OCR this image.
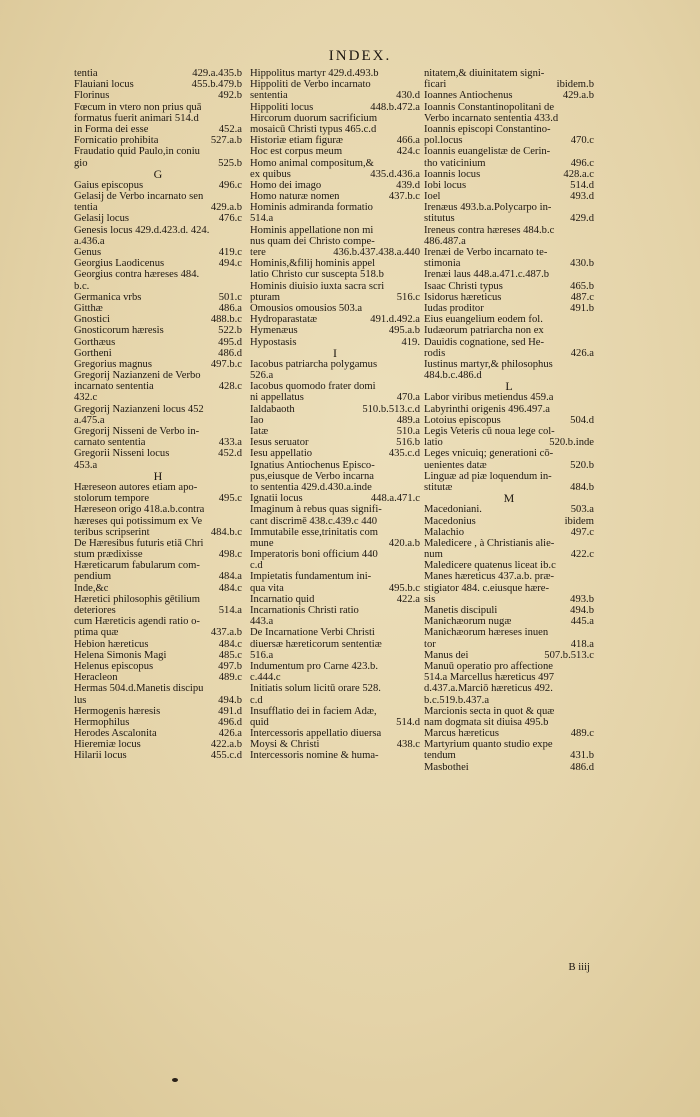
INDEX.
tentia	429.a.435.b
Flauiani locus	455.b.479.b
Florinus	492.b
Fœcum in vtero non prius quā
formatus fuerit animari 514.d
in Forma dei esse	452.a
Fornicatio prohibita	527.a.b
Fraudatio quid Paulo,in coniu
gio	525.b
G
Gaius episcopus	496.c
Gelasij de Verbo incarnato sen
tentia	429.a.b
Gelasij locus	476.c
Genesis locus 429.d.423.d. 424.
a.436.a
Genus	419.c
Georgius Laodicenus	494.c
Georgius contra hæreses 484.
b.c.
Germanica vrbs	501.c
Gitthæ	486.a
Gnostici	488.b.c
Gnosticorum hæresis	522.b
Gorthæus	495.d
Gortheni	486.d
Gregorius magnus	497.b.c
Gregorij Nazianzeni de Verbo
incarnato sententia	428.c
432.c
Gregorij Nazianzeni locus 452
a.475.a
Gregorij Nisseni de Verbo in-
carnato sententia	433.a
Gregorii Nisseni locus	452.d
453.a
H
Hæreseon autores etiam apo-
stolorum tempore	495.c
Hæreseon origo 418.a.b.contra
hæreses qui potissimum ex Ve
teribus scripserint	484.b.c
De Hæresibus futuris etiā Chri
stum prædixisse	498.c
Hæreticarum fabularum com-
pendium	484.a
Inde,&c	484.c
Hæretici philosophis gētilium
deteriores	514.a
cum Hæreticis agendi ratio o-
ptima quæ	437.a.b
Hebion hæreticus	484.c
Helena Simonis Magi	485.c
Helenus episcopus	497.b
Heracleon	489.c
Hermas 504.d.Manetis discipu
lus	494.b
Hermogenis hæresis	491.d
Hermophilus	496.d
Herodes Ascalonita	426.a
Hieremiæ locus	422.a.b
Hilarii locus	455.c.d
Hippolitus martyr 429.d.493.b
Hippoliti de Verbo incarnato
sententia	430.d
Hippoliti locus	448.b.472.a
Hircorum duorum sacrificium
mosaicū Christi typus 465.c.d
Historiæ etiam figuræ	466.a
Hoc est corpus meum	424.c
Homo animal compositum,&
ex quibus	435.d.436.a
Homo dei imago	439.d
Homo naturæ nomen	437.b.c
Hominis admiranda formatio
514.a
Hominis appellatione non mi
nus quam dei Christo compe-
tere	436.b.437.438.a.440
Hominis,&filij hominis appel
latio Christo cur suscepta 518.b
Hominis diuisio iuxta sacra scri
pturam	516.c
Omousios omousios 503.a
Hydroparastatæ	491.d.492.a
Hymenæus	495.a.b
Hypostasis	419.
I
Iacobus patriarcha polygamus
526.a
Iacobus quomodo frater domi
ni appellatus	470.a
Ialdabaoth	510.b.513.c.d
Iao	489.a
Iatæ	510.a
Iesus seruator	516.b
Iesu appellatio	435.c.d
Ignatius Antiochenus Episco-
pus,eiusque de Verbo incarna
to sententia 429.d.430.a.inde
Ignatii locus	448.a.471.c
Imaginum à rebus quas signifi-
cant discrimē 438.c.439.c 440
Immutabile esse,trinitatis com
mune	420.a.b
Imperatoris boni officium 440
c.d
Impietatis fundamentum ini-
qua vita	495.b.c
Incarnatio quid	422.a
Incarnationis Christi ratio
443.a
De Incarnatione Verbi Christi
diuersæ hæreticorum sententiæ
516.a
Indumentum pro Carne 423.b.
c.444.c
Initiatis solum licitū orare 528.
c.d
Insufflatio dei in faciem Adæ,
quid	514.d
Intercessoris appellatio diuersa
Moysi & Christi	438.c
Intercessoris nomine & huma-
nitatem,& diuinitatem signi-
ficari	ibidem.b
Ioannes Antiochenus	429.a.b
Ioannis Constantinopolitani de
Verbo incarnato sententia 433.d
Ioannis episcopi Constantino-
pol.locus	470.c
Ioannis euangelistæ de Cerin-
tho vaticinium	496.c
Ioannis locus	428.a.c
Iobi locus	514.d
Ioel	493.d
Irenæus 493.b.a.Polycarpo in-
stitutus	429.d
Ireneus contra hæreses 484.b.c
486.487.a
Irenæi de Verbo incarnato te-
stimonia	430.b
Irenæi laus 448.a.471.c.487.b
Isaac Christi typus	465.b
Isidorus hæreticus	487.c
Iudas proditor	491.b
Eius euangelium eodem fol.
Iudæorum patriarcha non ex
Dauidis cognatione, sed He-
rodis	426.a
Iustinus martyr,& philosophus
484.b.c.486.d
L
Labor viribus metiendus 459.a
Labyrinthi origenis 496.497.a
Lotoius episcopus	504.d
Legis Veteris cū noua lege col-
latio	520.b.inde
Leges vnicuiq; generationi cō-
uenientes datæ	520.b
Linguæ ad piæ loquendum in-
stitutæ	484.b
M
Macedoniani.	503.a
Macedonius	ibidem
Malachio	497.c
Maledicere , à Christianis alie-
num	422.c
Maledicere quatenus liceat ib.c
Manes hæreticus 437.a.b. præ-
stigiator 484. c.eiusque hære-
sis	493.b
Manetis discipuli	494.b
Manichæorum nugæ	445.a
Manichæorum hæreses inuen
tor	418.a
Manus dei	507.b.513.c
Manuū operatio pro affectione
514.a Marcellus hæreticus 497
d.437.a.Marciō hæreticus 492.
b.c.519.b.437.a
Marcionis secta in quot & quæ
nam dogmata sit diuisa 495.b
Marcus hæreticus	489.c
Martyrium quanto studio expe
tendum	431.b
Masbothei	486.d
B iiij
